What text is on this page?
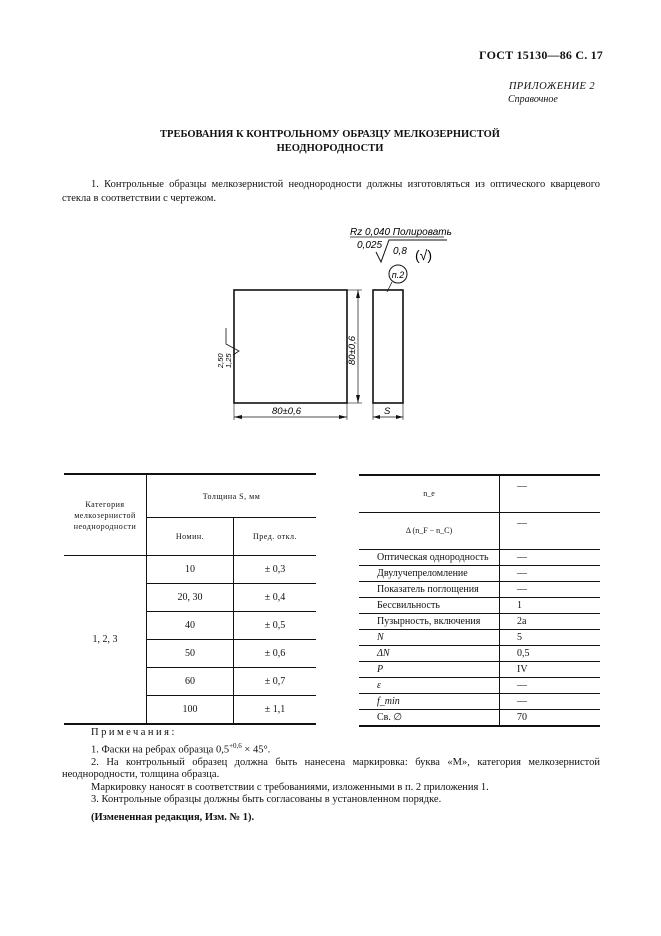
ГОСТ 15130—86 С. 17
ПРИЛОЖЕНИЕ 2
Справочное
ТРЕБОВАНИЯ К КОНТРОЛЬНОМУ ОБРАЗЦУ МЕЛКОЗЕРНИСТОЙ
НЕОДНОРОДНОСТИ
1. Контрольные образцы мелкозернистой неоднородности должны изготовляться из оптического кварцевого стекла в соответствии с чертежом.
Rz 0,040 Полировать
0,025
0,8 (√)
п.2
80±0,6
80±0,6	S
2,50 1,25
Категория мелкозернистой неоднородности	Толщина S, мм	
	Номин.	Пред. откл.
1, 2, 3	10	± 0,3
	20, 30	± 0,4
	40	± 0,5
	50	± 0,6
	60	± 0,7
	100	± 1,1
n_e	—
Δ (n_F − n_C)	—
Оптическая однородность	—
Двулучепреломление	—
Показатель поглощения	—
Бессвильность	1
Пузырность, включения	2а
N	5
ΔN	0,5
P	IV
ε	—
f_min	—
Св. ∅	70

Примечания:

1. Фаски на ребрах образца $0,5^{+0,6} \times 45^\circ$.

2. На контрольный образец должна быть нанесена маркировка: буква «М», категория мелкозернистой неоднородности, толщина образца.

Маркировку наносят в соответствии с требованиями, изложенными в п. 2 приложения 1.

3. Контрольные образцы должны быть согласованы в установленном порядке.

(Измененная редакция, Изм. № 1).
